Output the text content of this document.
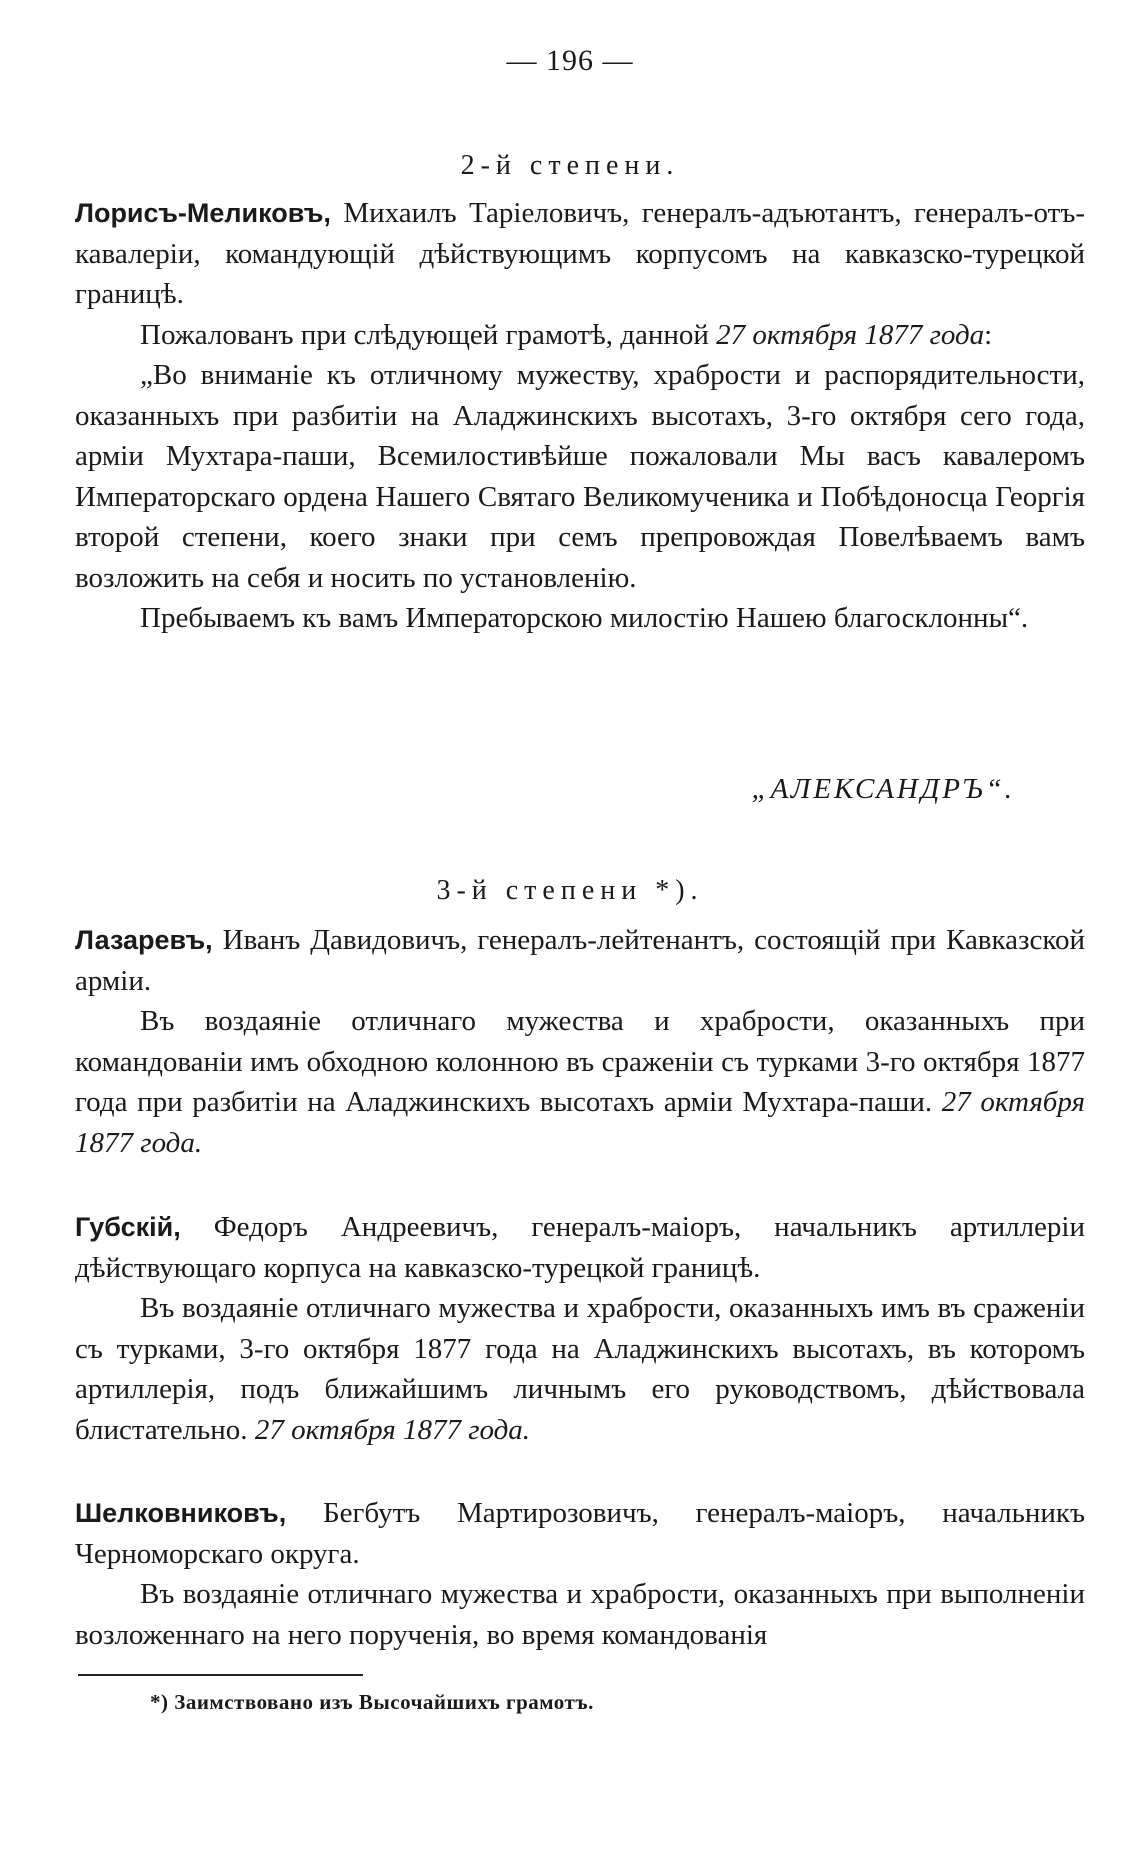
— 196 —
2-й степени.

Лорисъ-Меликовъ, Михаилъ Таріеловичъ, генералъ-адъютантъ, генералъ-отъ-кавалеріи, командующій дѣйствующимъ корпусомъ на кавказско-турецкой границѣ.

Пожалованъ при слѣдующей грамотѣ, данной 27 октября 1877 года:

„Во вниманіе къ отличному мужеству, храбрости и распорядительности, оказанныхъ при разбитіи на Аладжинскихъ высотахъ, 3-го октября сего года, арміи Мухтара-паши, Всемилостивѣйше пожаловали Мы васъ кавалеромъ Императорскаго ордена Нашего Святаго Великомученика и Побѣдоносца Георгія второй степени, коего знаки при семъ препровождая Повелѣваемъ вамъ возложить на себя и носить по установленію.

Пребываемъ къ вамъ Императорскою милостію Нашею благосклонны“.

„АЛЕКСАНДРЪ“.
3-й степени *).

Лазаревъ, Иванъ Давидовичъ, генералъ-лейтенантъ, состоящій при Кавказской арміи.

Въ воздаяніе отличнаго мужества и храбрости, оказанныхъ при командованіи имъ обходною колонною въ сраженіи съ турками 3-го октября 1877 года при разбитіи на Аладжинскихъ высотахъ арміи Мухтара-паши. 27 октября 1877 года.

Губскій, Федоръ Андреевичъ, генералъ-маіоръ, начальникъ артиллеріи дѣйствующаго корпуса на кавказско-турецкой границѣ.

Въ воздаяніе отличнаго мужества и храбрости, оказанныхъ имъ въ сраженіи съ турками, 3-го октября 1877 года на Аладжинскихъ высотахъ, въ которомъ артиллерія, подъ ближайшимъ личнымъ его руководствомъ, дѣйствовала блистательно. 27 октября 1877 года.

Шелковниковъ, Бегбутъ Мартирозовичъ, генералъ-маіоръ, начальникъ Черноморскаго округа.

Въ воздаяніе отличнаго мужества и храбрости, оказанныхъ при выполненіи возложеннаго на него порученія, во время командованія

*) Заимствовано изъ Высочайшихъ грамотъ.
